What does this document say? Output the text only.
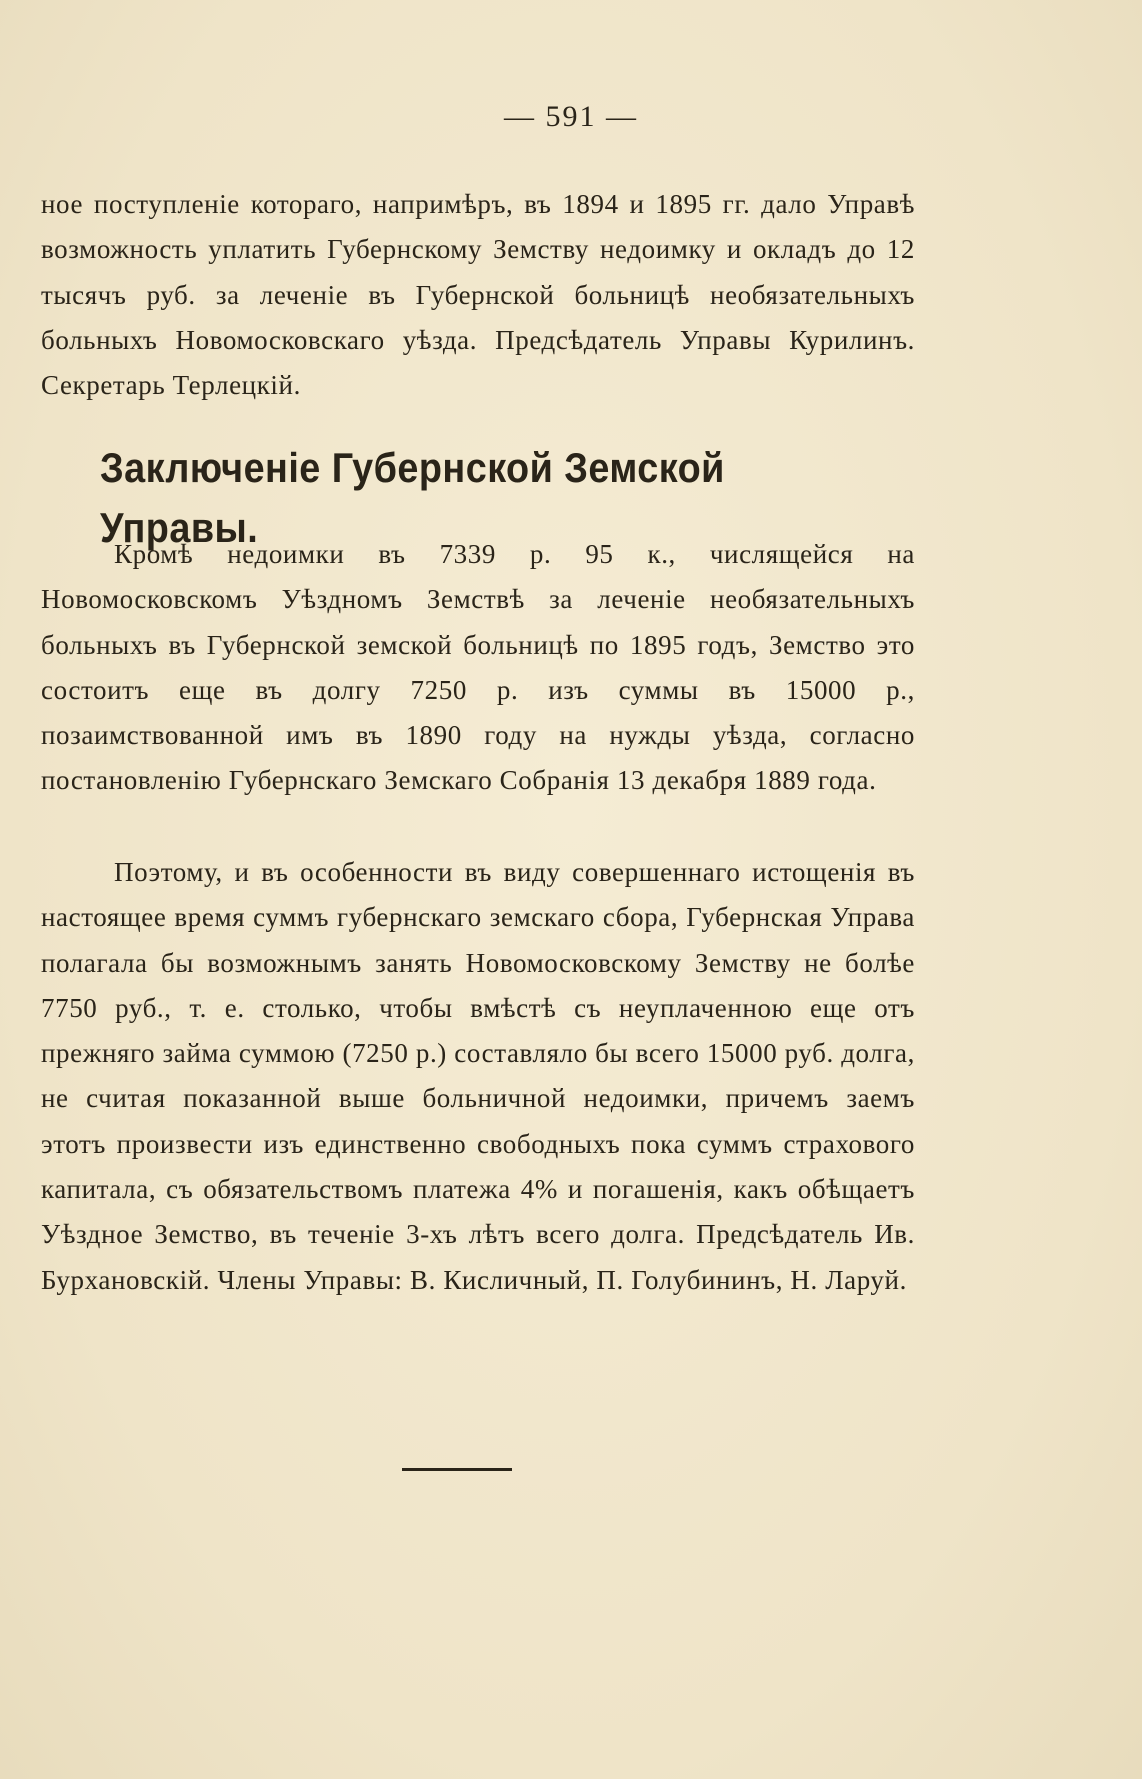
— 591 —

ное поступленіе котораго, напримѣръ, въ 1894 и 1895 гг. дало Управѣ возможность уплатить Губернскому Земству недоимку и окладъ до 12 тысячъ руб. за леченіе въ Губернской больницѣ необязательныхъ больныхъ Новомосковскаго уѣзда. Предсѣдатель Управы Курилинъ. Секретарь Терлецкій.

Заключеніе Губернской Земской Управы.

Кромѣ недоимки въ 7339 р. 95 к., числящейся на Новомосковскомъ Уѣздномъ Земствѣ за леченіе необязательныхъ больныхъ въ Губернской земской больницѣ по 1895 годъ, Земство это состоитъ еще въ долгу 7250 р. изъ суммы въ 15000 р., позаимствованной имъ въ 1890 году на нужды уѣзда, согласно постановленію Губернскаго Земскаго Собранія 13 декабря 1889 года.

Поэтому, и въ особенности въ виду совершеннаго истощенія въ настоящее время суммъ губернскаго земскаго сбора, Губернская Управа полагала бы возможнымъ занять Новомосковскому Земству не болѣе 7750 руб., т. е. столько, чтобы вмѣстѣ съ неуплаченною еще отъ прежняго займа суммою (7250 р.) составляло бы всего 15000 руб. долга, не считая показанной выше больничной недоимки, причемъ заемъ этотъ произвести изъ единственно свободныхъ пока суммъ страхового капитала, съ обязательствомъ платежа 4% и погашенія, какъ обѣщаетъ Уѣздное Земство, въ теченіе 3-хъ лѣтъ всего долга. Предсѣдатель Ив. Бурхановскій. Члены Управы: В. Кисличный, П. Голубининъ, Н. Ларуй.
